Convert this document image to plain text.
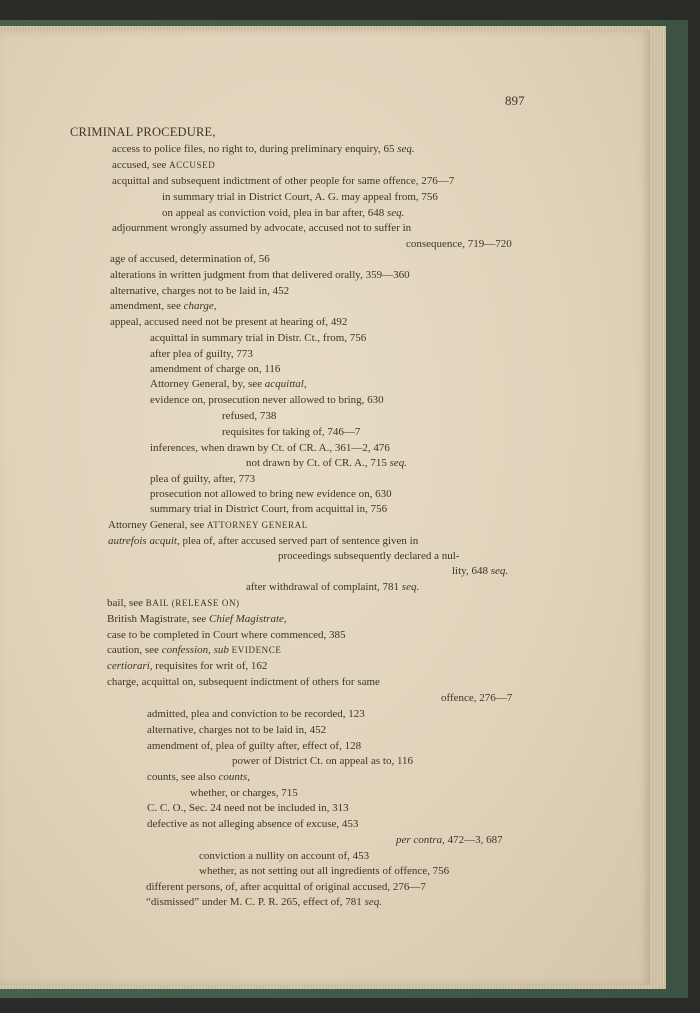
897
CRIMINAL PROCEDURE,
access to police files, no right to, during preliminary enquiry, 65 seq.
accused, see ACCUSED
acquittal and subsequent indictment of other people for same offence, 276—7
in summary trial in District Court, A. G. may appeal from, 756
on appeal as conviction void, plea in bar after, 648 seq.
adjournment wrongly assumed by advocate, accused not to suffer in
consequence, 719—720
age of accused, determination of, 56
alterations in written judgment from that delivered orally, 359—360
alternative, charges not to be laid in, 452
amendment, see charge,
appeal, accused need not be present at hearing of, 492
acquittal in summary trial in Distr. Ct., from, 756
after plea of guilty, 773
amendment of charge on, 116
Attorney General, by, see acquittal,
evidence on, prosecution never allowed to bring, 630
refused, 738
requisites for taking of, 746—7
inferences, when drawn by Ct. of CR. A., 361—2, 476
not drawn by Ct. of CR. A., 715 seq.
plea of guilty, after, 773
prosecution not allowed to bring new evidence on, 630
summary trial in District Court, from acquittal in, 756
Attorney General, see ATTORNEY GENERAL
autrefois acquit, plea of, after accused served part of sentence given in
proceedings subsequently declared a nul-
lity, 648 seq.
after withdrawal of complaint, 781 seq.
bail, see BAIL (RELEASE ON)
British Magistrate, see Chief Magistrate,
case to be completed in Court where commenced, 385
caution, see confession, sub EVIDENCE
certiorari, requisites for writ of, 162
charge, acquittal on, subsequent indictment of others for same
offence, 276—7
admitted, plea and conviction to be recorded, 123
alternative, charges not to be laid in, 452
amendment of, plea of guilty after, effect of, 128
power of District Ct. on appeal as to, 116
counts, see also counts,
whether, or charges, 715
C. C. O., Sec. 24 need not be included in, 313
defective as not alleging absence of excuse, 453
per contra, 472—3, 687
conviction a nullity on account of, 453
whether, as not setting out all ingredients of offence, 756
different persons, of, after acquittal of original accused, 276—7
“dismissed” under M. C. P. R. 265, effect of, 781 seq.
